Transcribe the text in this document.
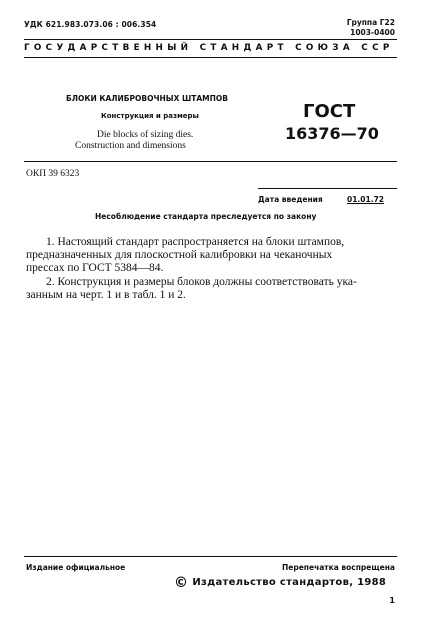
УДК 621.983.073.06 : 006.354	Группа Г22
1003-0400
ГОСУДАРСТВЕННЫЙ СТАНДАРТ СОЮЗА ССР
БЛОКИ КАЛИБРОВОЧНЫХ ШТАМПОВ
Конструкция и размеры
Die blocks of sizing dies.
Construction and dimensions
ГОСТ
16376—70
ОКП 39 6323
Дата введения	01.01.72
Несоблюдение стандарта преследуется по закону
1. Настоящий стандарт распространяется на блоки штампов,
предназначенных для плоскостной калибровки на чеканочных
прессах по ГОСТ 5384—84.
2. Конструкция и размеры блоков должны соответствовать ука-
занным на черт. 1 и в табл. 1 и 2.
Издание официальное	Перепечатка воспрещена
© Издательство стандартов, 1988
1
